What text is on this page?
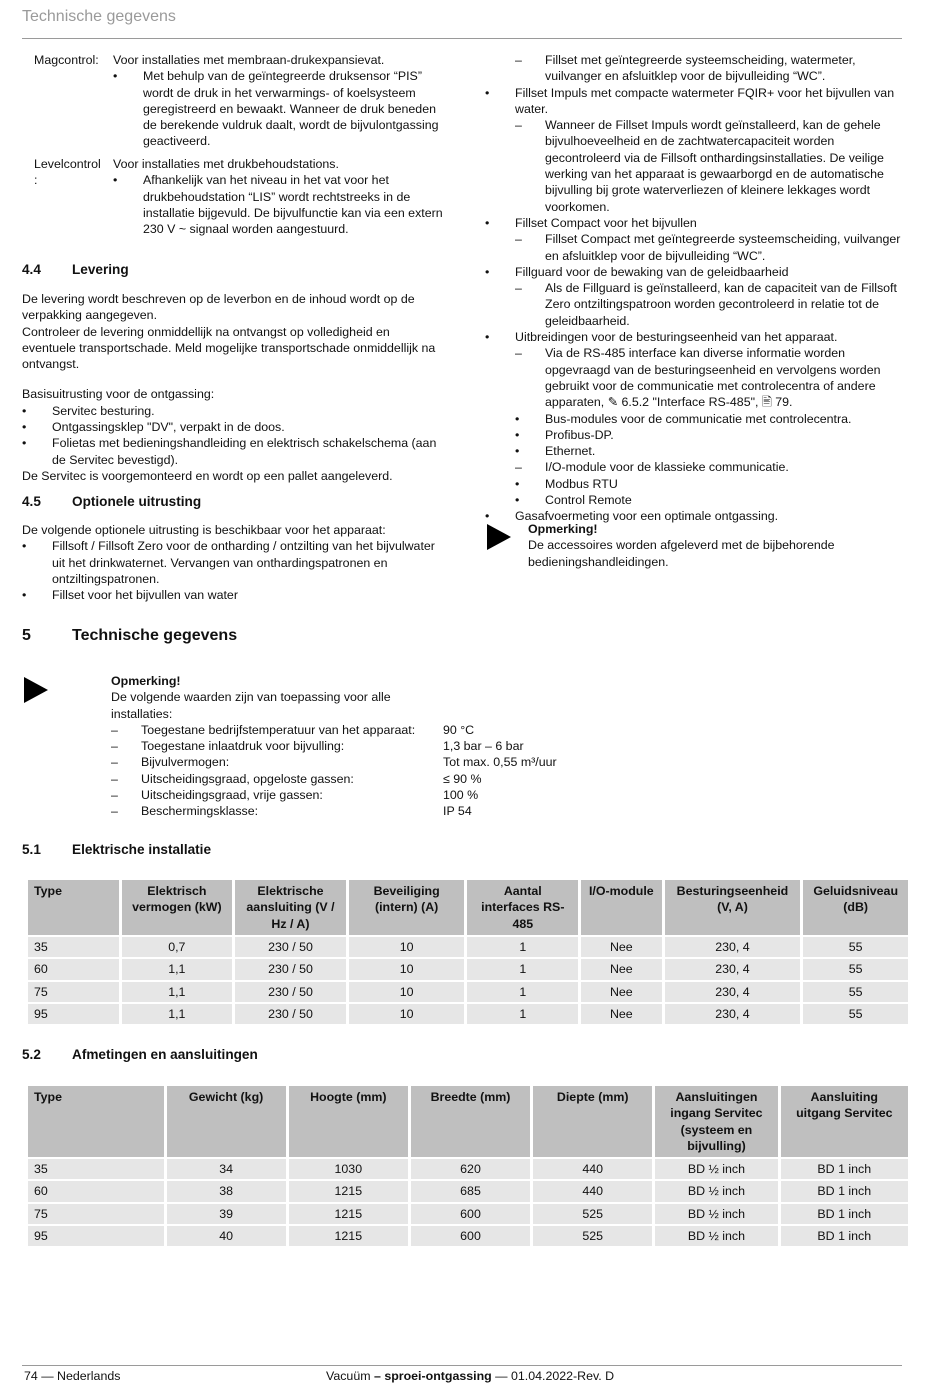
Technische gegevens
Magcontrol:	Voor installaties met membraan-drukexpansievat.
• Met behulp van de geïntegreerde druksensor “PIS” wordt de druk in het verwarmings- of koelsysteem geregistreerd en bewaakt. Wanneer de druk beneden de berekende vuldruk daalt, wordt de bijvulontgassing geactiveerd.
Levelcontrol :
Voor installaties met drukbehoudstations.
• Afhankelijk van het niveau in het vat voor het drukbehoudstation “LIS” wordt rechtstreeks in de installatie bijgevuld. De bijvulfunctie kan via een extern 230 V ~ signaal worden aangestuurd.
4.4 Levering
De levering wordt beschreven op de leverbon en de inhoud wordt op de verpakking aangegeven.
Controleer de levering onmiddellijk na ontvangst op volledigheid en eventuele transportschade. Meld mogelijke transportschade onmiddellijk na ontvangst.
Basisuitrusting voor de ontgassing:
• Servitec besturing.
• Ontgassingsklep "DV", verpakt in de doos.
• Folietas met bedieningshandleiding en elektrisch schakelschema (aan de Servitec bevestigd).
De Servitec is voorgemonteerd en wordt op een pallet aangeleverd.
4.5 Optionele uitrusting
De volgende optionele uitrusting is beschikbaar voor het apparaat:
• Fillsoft / Fillsoft Zero voor de ontharding / ontzilting van het bijvulwater uit het drinkwaternet. Vervangen van onthardingspatronen en ontziltingspatronen.
• Fillset voor het bijvullen van water
– Fillset met geïntegreerde systeemscheiding, watermeter, vuilvanger en afsluitklep voor de bijvulleiding “WC”.
• Fillset Impuls met compacte watermeter FQIR+ voor het bijvullen van water.
– Wanneer de Fillset Impuls wordt geïnstalleerd, kan de gehele bijvulhoeveelheid en de zachtwatercapaciteit worden gecontroleerd via de Fillsoft onthardingsinstallaties. De veilige werking van het apparaat is gewaarborgd en de automatische bijvulling bij grote waterverliezen of kleinere lekkages wordt voorkomen.
• Fillset Compact voor het bijvullen
– Fillset Compact met geïntegreerde systeemscheiding, vuilvanger en afsluitklep voor de bijvulleiding “WC”.
• Fillguard voor de bewaking van de geleidbaarheid
– Als de Fillguard is geïnstalleerd, kan de capaciteit van de Fillsoft Zero ontziltingspatroon worden gecontroleerd in relatie tot de geleidbaarheid.
• Uitbreidingen voor de besturingseenheid van het apparaat.
– Via de RS-485 interface kan diverse informatie worden opgevraagd van de besturingseenheid en vervolgens worden gebruikt voor de communicatie met controlecentra of andere apparaten, ✎ 6.5.2 "Interface RS-485", 🖹 79.
• Bus-modules voor de communicatie met controlecentra.
• Profibus-DP.
• Ethernet.
– I/O-module voor de klassieke communicatie.
• Modbus RTU
• Control Remote
• Gasafvoermeting voor een optimale ontgassing.
Opmerking!
De accessoires worden afgeleverd met de bijbehorende bedieningshandleidingen.
5	Technische gegevens
Opmerking!
De volgende waarden zijn van toepassing voor alle installaties:
– Toegestane bedrijfstemperatuur van het apparaat: 90 °C
– Toegestane inlaatdruk voor bijvulling:	1,3 bar – 6 bar
– Bijvulvermogen:	Tot max. 0,55 m³/uur
– Uitscheidingsgraad, opgeloste gassen:	≤ 90 %
– Uitscheidingsgraad, vrije gassen:	100 %
– Beschermingsklasse:	IP 54
5.1 Elektrische installatie
Type	Elektrisch vermogen (kW)	Elektrische aansluiting (V / Hz / A)	Beveiliging (intern) (A)	Aantal interfaces RS-485	I/O-module	Besturingseenheid (V, A)	Geluidsniveau (dB)
35	0,7	230 / 50	10	1	Nee	230, 4	55
60	1,1	230 / 50	10	1	Nee	230, 4	55
75	1,1	230 / 50	10	1	Nee	230, 4	55
95	1,1	230 / 50	10	1	Nee	230, 4	55
5.2 Afmetingen en aansluitingen
Type	Gewicht (kg)	Hoogte (mm)	Breedte (mm)	Diepte (mm)	Aansluitingen ingang Servitec (systeem en bijvulling)	Aansluiting uitgang Servitec
35	34	1030	620	440	BD ½ inch	BD 1 inch
60	38	1215	685	440	BD ½ inch	BD 1 inch
75	39	1215	600	525	BD ½ inch	BD 1 inch
95	40	1215	600	525	BD ½ inch	BD 1 inch
74 — Nederlands	Vacuüm – sproei-ontgassing — 01.04.2022-Rev. D
